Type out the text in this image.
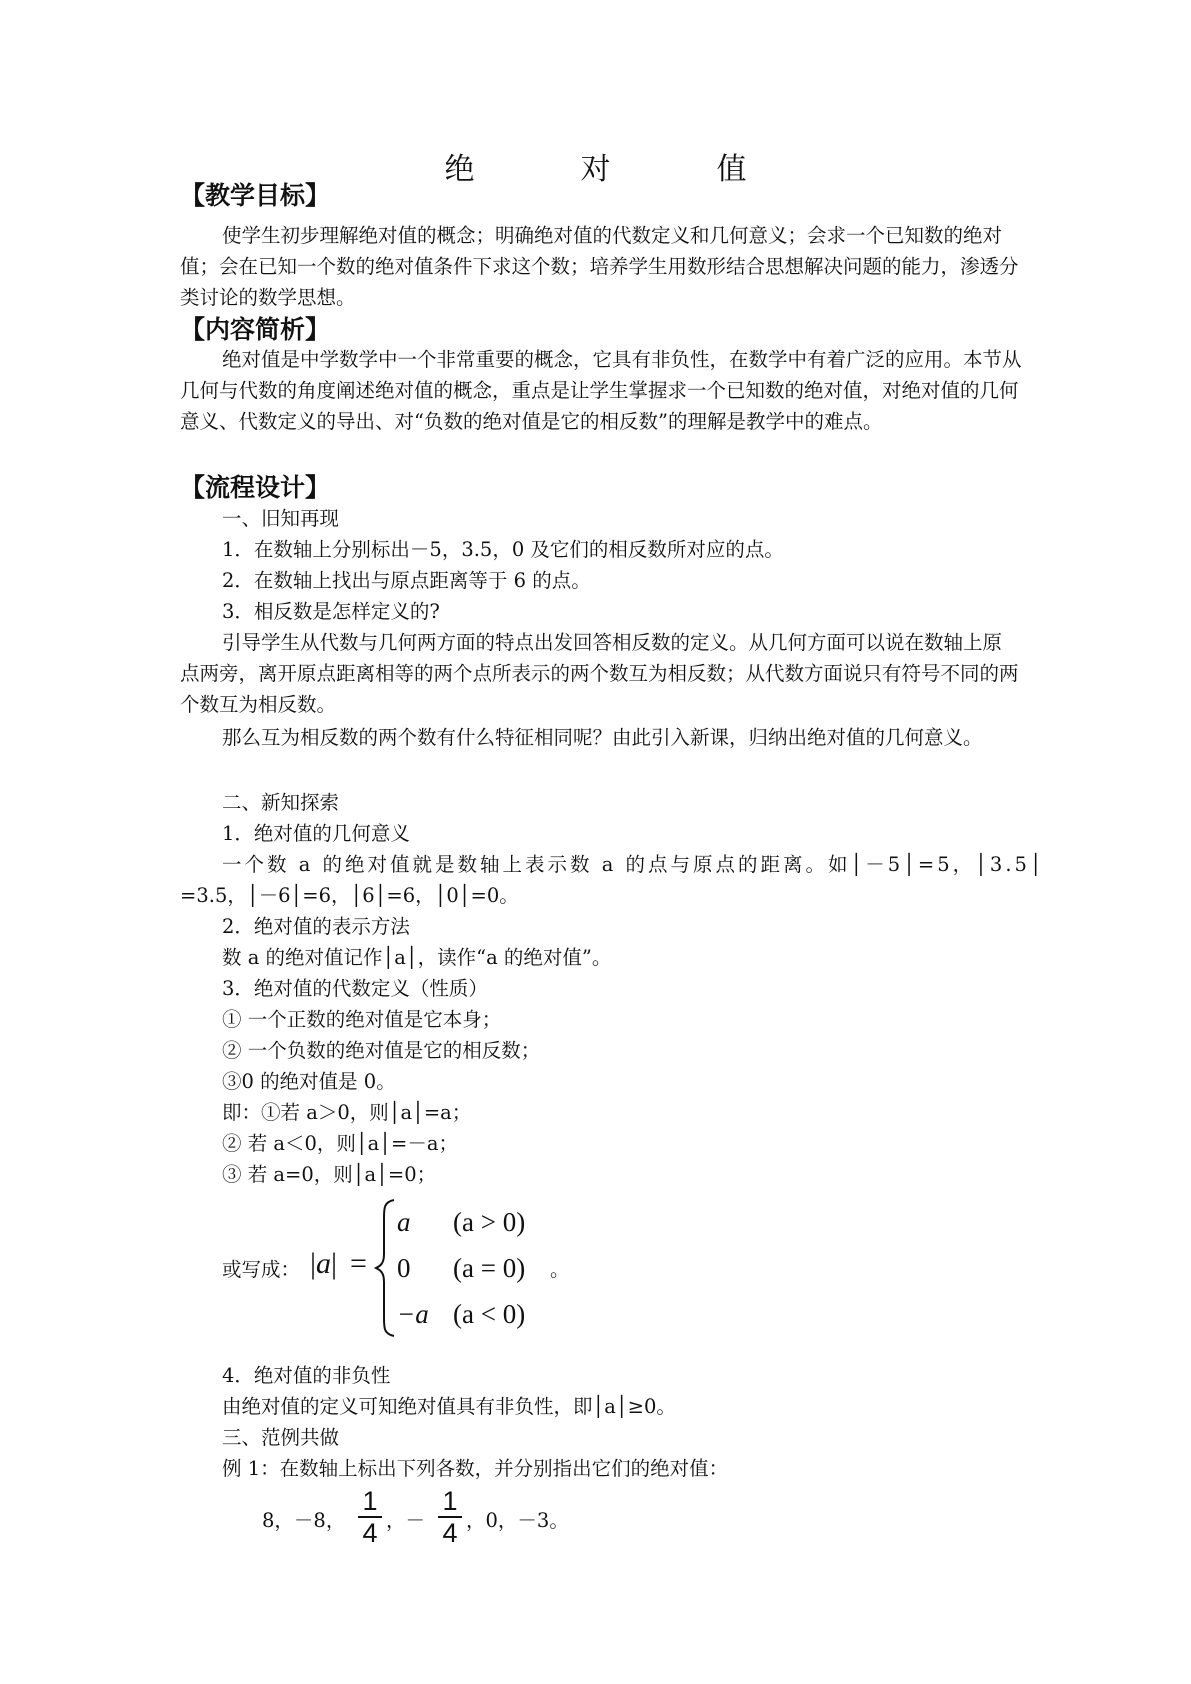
绝　对　值
【教学目标】

使学生初步理解绝对值的概念；明确绝对值的代数定义和几何意义；会求一个已知数的绝对值；会在已知一个数的绝对值条件下求这个数；培养学生用数形结合思想解决问题的能力，渗透分类讨论的数学思想。

【内容简析】

绝对值是中学数学中一个非常重要的概念，它具有非负性，在数学中有着广泛的应用。本节从几何与代数的角度阐述绝对值的概念，重点是让学生掌握求一个已知数的绝对值，对绝对值的几何意义、代数定义的导出、对“负数的绝对值是它的相反数”的理解是教学中的难点。

【流程设计】
一、旧知再现
1．在数轴上分别标出－5，3.5，0 及它们的相反数所对应的点。
2．在数轴上找出与原点距离等于 6 的点。
3．相反数是怎样定义的?

引导学生从代数与几何两方面的特点出发回答相反数的定义。从几何方面可以说在数轴上原点两旁，离开原点距离相等的两个点所表示的两个数互为相反数；从代数方面说只有符号不同的两个数互为相反数。

那么互为相反数的两个数有什么特征相同呢？由此引入新课，归纳出绝对值的几何意义。

二、新知探索
1．绝对值的几何意义
一个数 a 的绝对值就是数轴上表示数 a 的点与原点的距离。如│－5│=5，│3.5│
=3.5，│－6│=6，│6│=6，│0│=0。
2．绝对值的表示方法
数 a 的绝对值记作│a│，读作“a 的绝对值”。
3．绝对值的代数定义（性质）
① 一个正数的绝对值是它本身；
② 一个负数的绝对值是它的相反数；
③0 的绝对值是 0。
即：①若 a＞0，则│a│=a；
② 若 a＜0，则│a│=－a；
③ 若 a=0，则│a│=0；
或写成： |a| =
a (a > 0)
0 (a = 0)
−a (a < 0)
。
4．绝对值的非负性
由绝对值的定义可知绝对值具有非负性，即│a│≥0。
三、范例共做
例 1：在数轴上标出下列各数，并分别指出它们的绝对值：
8，－8， $\frac{1}{4}$ ，－ $\frac{1}{4}$ ，0，－3。
